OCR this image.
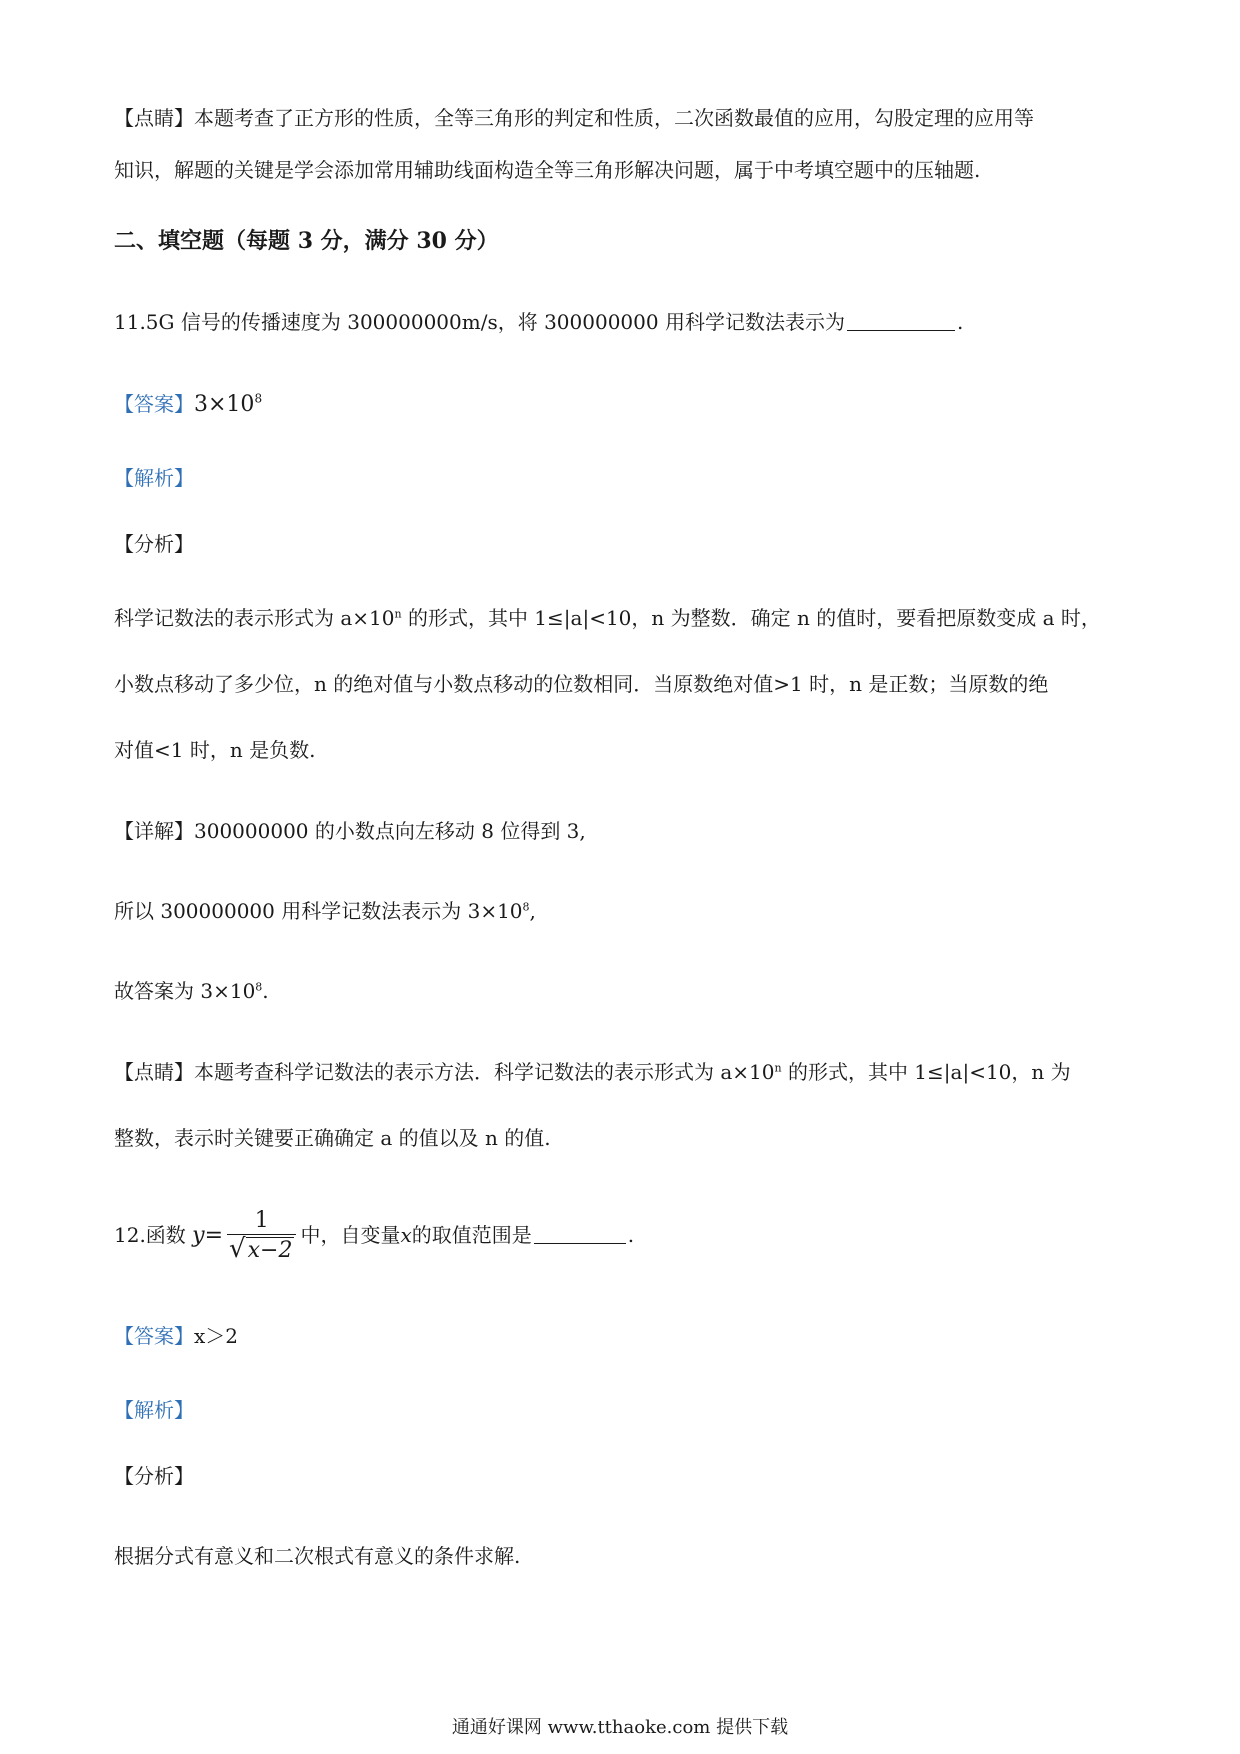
【点睛】本题考查了正方形的性质，全等三角形的判定和性质，二次函数最值的应用，勾股定理的应用等
知识，解题的关键是学会添加常用辅助线面构造全等三角形解决问题，属于中考填空题中的压轴题.
二、填空题（每题 3 分，满分 30 分）
11.5G 信号的传播速度为 300000000m/s，将 300000000 用科学记数法表示为	.
【答案】$3\times 10^8$
【解析】
【分析】
科学记数法的表示形式为 $a\times 10^n$ 的形式，其中 1≤|a|<10，n 为整数．确定 n 的值时，要看把原数变成 a 时，
小数点移动了多少位，n 的绝对值与小数点移动的位数相同．当原数绝对值>1 时，n 是正数；当原数的绝
对值<1 时，n 是负数.
【详解】300000000 的小数点向左移动 8 位得到 3,
所以 300000000 用科学记数法表示为 $3\times 10^8$,
故答案为 $3\times 10^8$.
【点睛】本题考查科学记数法的表示方法．科学记数法的表示形式为 $a\times 10^n$ 的形式，其中 1≤|a|<10，n 为
整数，表示时关键要正确确定 a 的值以及 n 的值.
12.函数 $y= \frac{1}{√x-2}$ 中，自变量x的取值范围是	.
【答案】x＞2
【解析】
【分析】
根据分式有意义和二次根式有意义的条件求解.
通通好课网 www.tthaoke.com 提供下载
